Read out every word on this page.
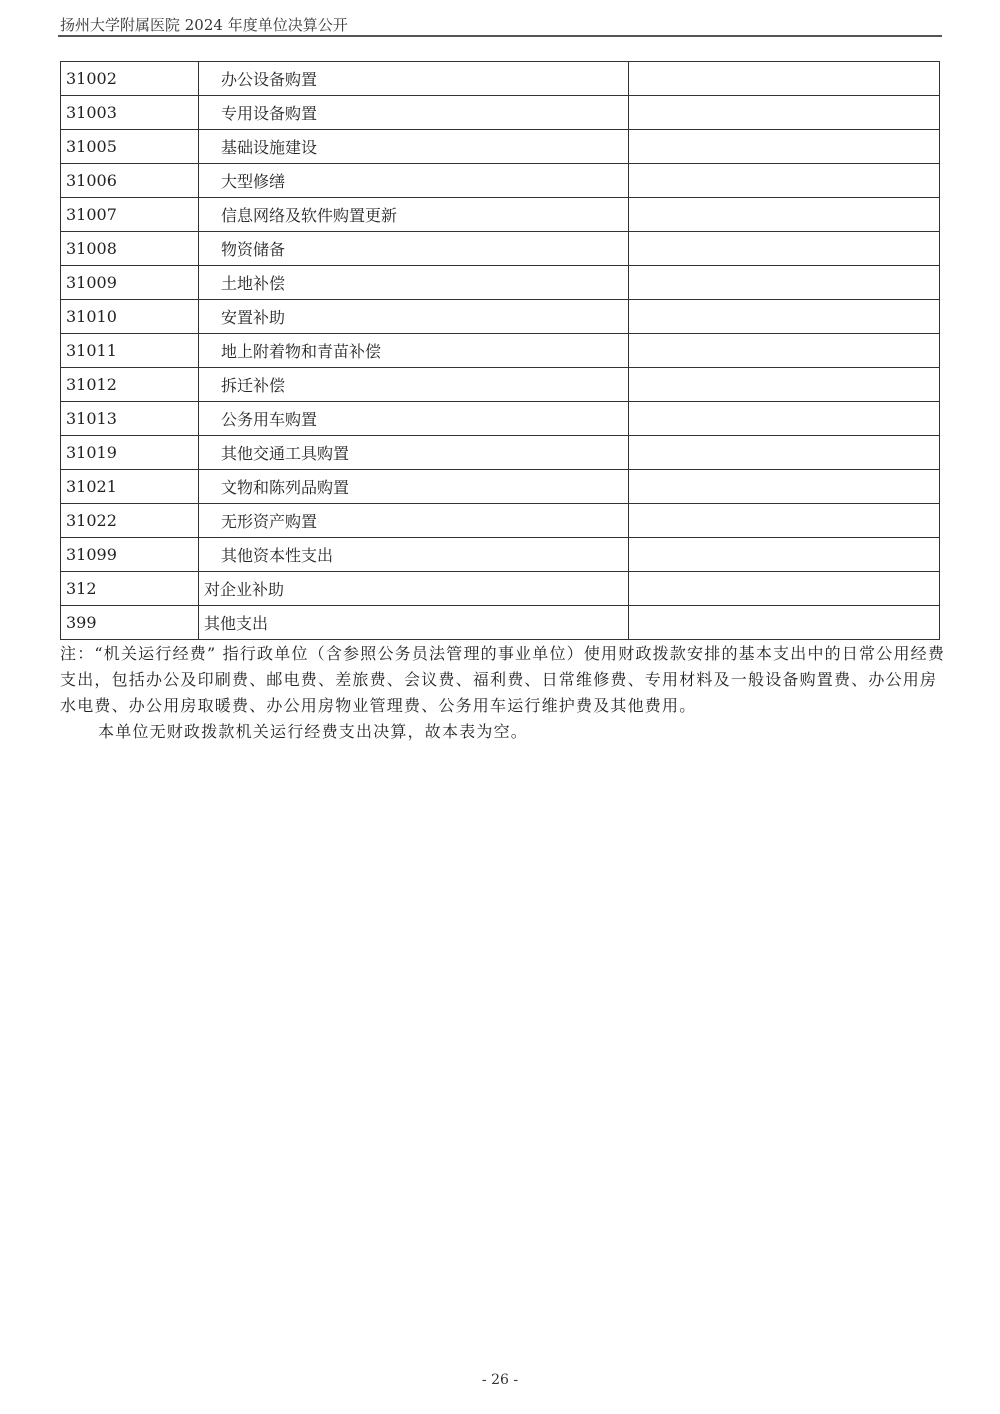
扬州大学附属医院 2024 年度单位决算公开
31002	办公设备购置	
31003	专用设备购置	
31005	基础设施建设	
31006	大型修缮	
31007	信息网络及软件购置更新	
31008	物资储备	
31009	土地补偿	
31010	安置补助	
31011	地上附着物和青苗补偿	
31012	拆迁补偿	
31013	公务用车购置	
31019	其他交通工具购置	
31021	文物和陈列品购置	
31022	无形资产购置	
31099	其他资本性支出	
312	对企业补助	
399	其他支出	

注：“机关运行经费” 指行政单位（含参照公务员法管理的事业单位）使用财政拨款安排的基本支出中的日常公用经费支出，包括办公及印刷费、邮电费、差旅费、会议费、福利费、日常维修费、专用材料及一般设备购置费、办公用房水电费、办公用房取暖费、办公用房物业管理费、公务用车运行维护费及其他费用。

本单位无财政拨款机关运行经费支出决算，故本表为空。

- 26 -
